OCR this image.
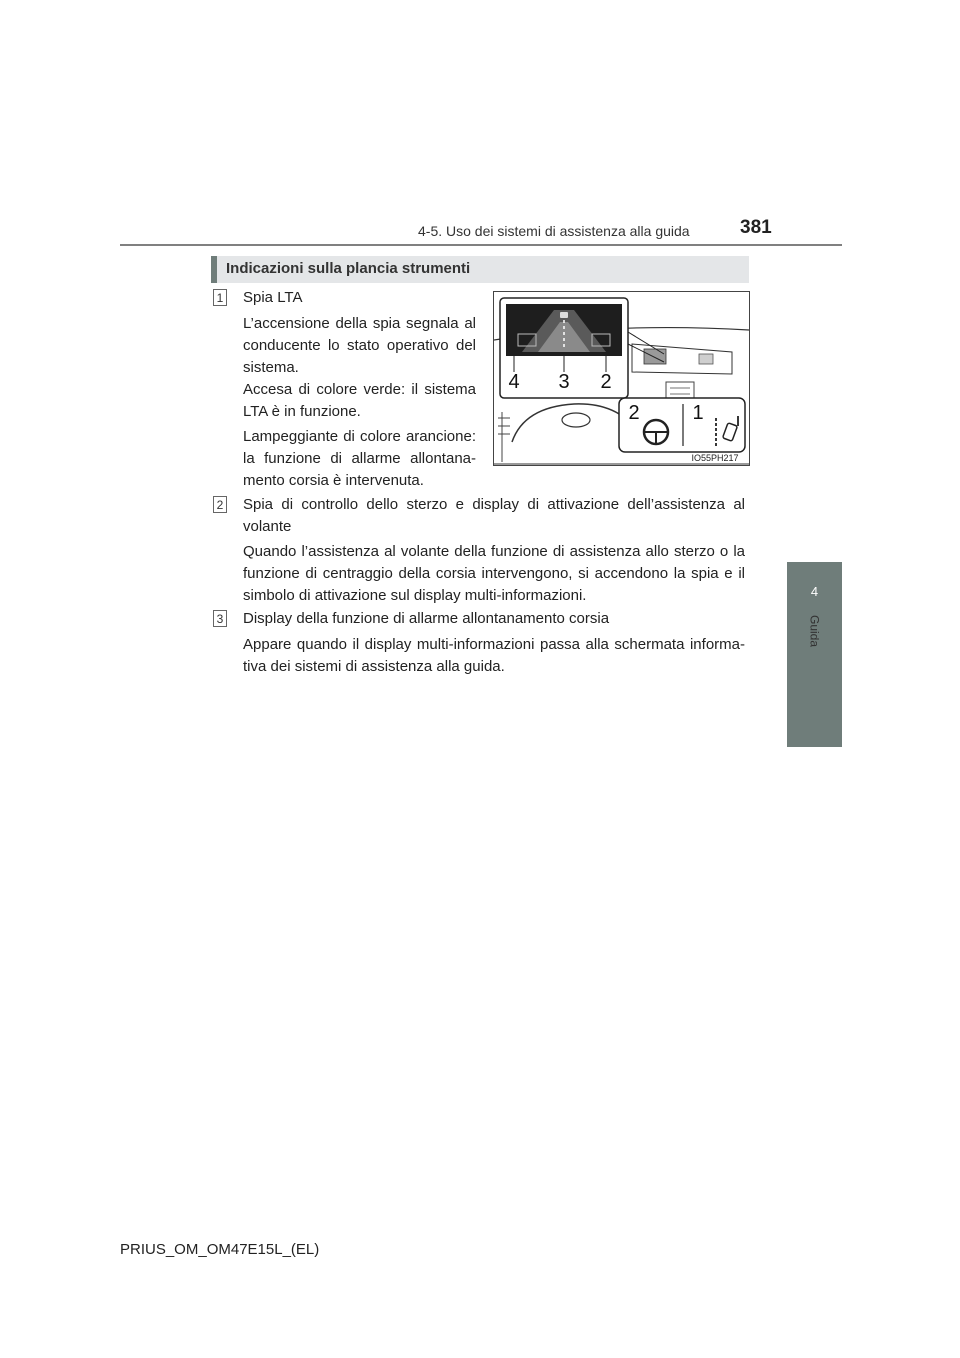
4-5. Uso dei sistemi di assistenza alla guida	381
4
Guida
Indicazioni sulla plancia strumenti
1 Spia LTA

L’accensione della spia segnala al conducente lo stato operativo del sistema.

Accesa di colore verde: il sistema LTA è in funzione.

Lampeggiante di colore arancione: la funzione di allarme allontana-mento corsia è intervenuta.

4 3 2
2	1
IO55PH217
2 Spia di controllo dello sterzo e display di attivazione dell’assistenza al volante

Quando l’assistenza al volante della funzione di assistenza allo sterzo o la funzione di centraggio della corsia intervengono, si accendono la spia e il simbolo di attivazione sul display multi-informazioni.

3 Display della funzione di allarme allontanamento corsia

Appare quando il display multi-informazioni passa alla schermata informa-tiva dei sistemi di assistenza alla guida.

PRIUS_OM_OM47E15L_(EL)
